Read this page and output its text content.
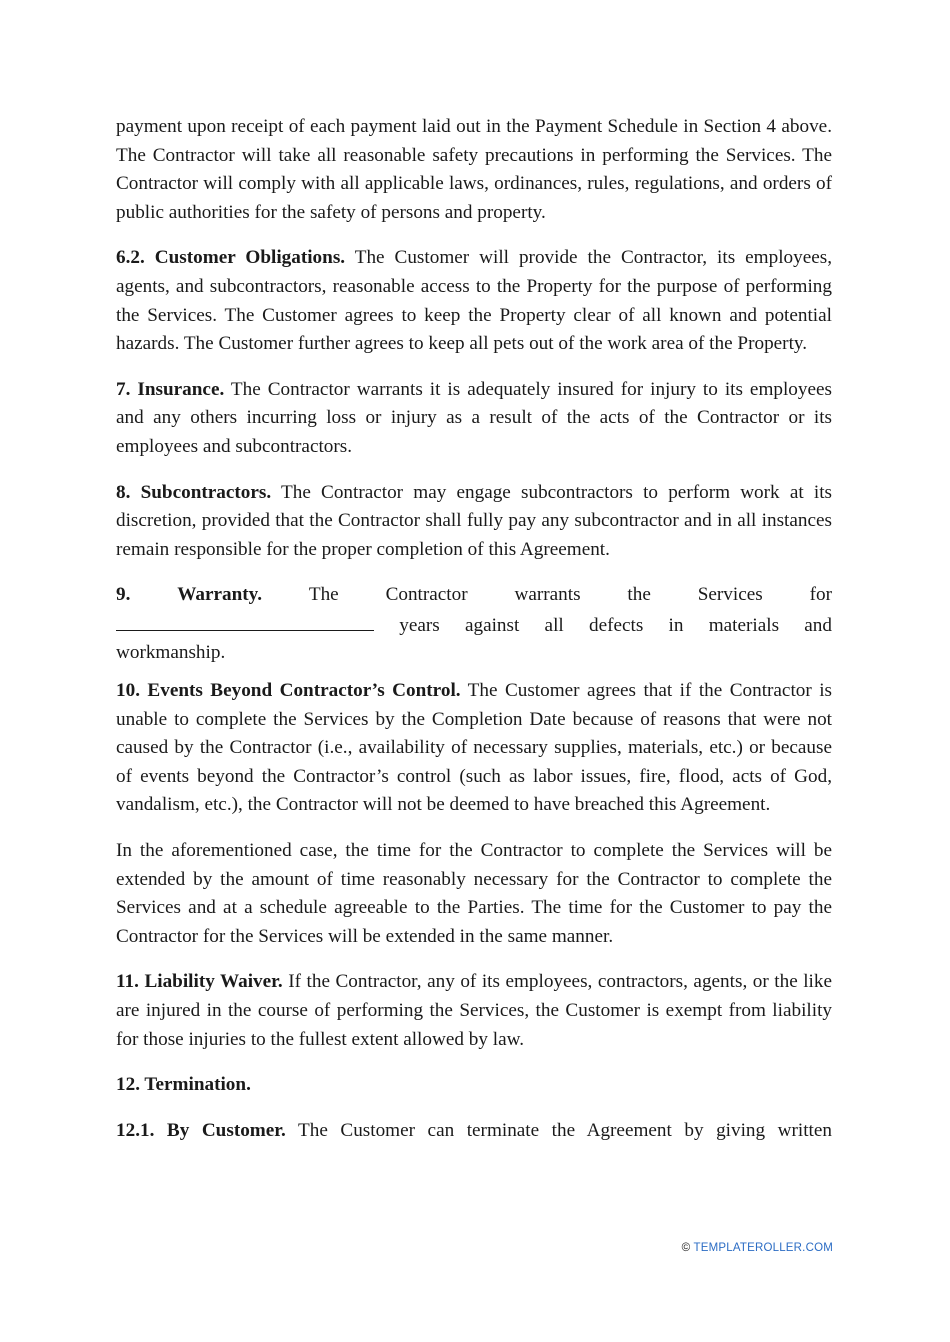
payment upon receipt of each payment laid out in the Payment Schedule in Section 4 above. The Contractor will take all reasonable safety precautions in performing the Services. The Contractor will comply with all applicable laws, ordinances, rules, regulations, and orders of public authorities for the safety of persons and property.

6.2. Customer Obligations. The Customer will provide the Contractor, its employees, agents, and subcontractors, reasonable access to the Property for the purpose of performing the Services. The Customer agrees to keep the Property clear of all known and potential hazards. The Customer further agrees to keep all pets out of the work area of the Property.

7. Insurance. The Contractor warrants it is adequately insured for injury to its employees and any others incurring loss or injury as a result of the acts of the Contractor or its employees and subcontractors.

8. Subcontractors. The Contractor may engage subcontractors to perform work at its discretion, provided that the Contractor shall fully pay any subcontractor and in all instances remain responsible for the proper completion of this Agreement.

9. Warranty. The Contractor warrants the Services for
years against all defects in materials and
workmanship.

10. Events Beyond Contractor’s Control. The Customer agrees that if the Contractor is unable to complete the Services by the Completion Date because of reasons that were not caused by the Contractor (i.e., availability of necessary supplies, materials, etc.) or because of events beyond the Contractor’s control (such as labor issues, fire, flood, acts of God, vandalism, etc.), the Contractor will not be deemed to have breached this Agreement.

In the aforementioned case, the time for the Contractor to complete the Services will be extended by the amount of time reasonably necessary for the Contractor to complete the Services and at a schedule agreeable to the Parties. The time for the Customer to pay the Contractor for the Services will be extended in the same manner.

11. Liability Waiver. If the Contractor, any of its employees, contractors, agents, or the like are injured in the course of performing the Services, the Customer is exempt from liability for those injuries to the fullest extent allowed by law.

12. Termination.

12.1. By Customer. The Customer can terminate the Agreement by giving written

© TEMPLATEROLLER.COM
